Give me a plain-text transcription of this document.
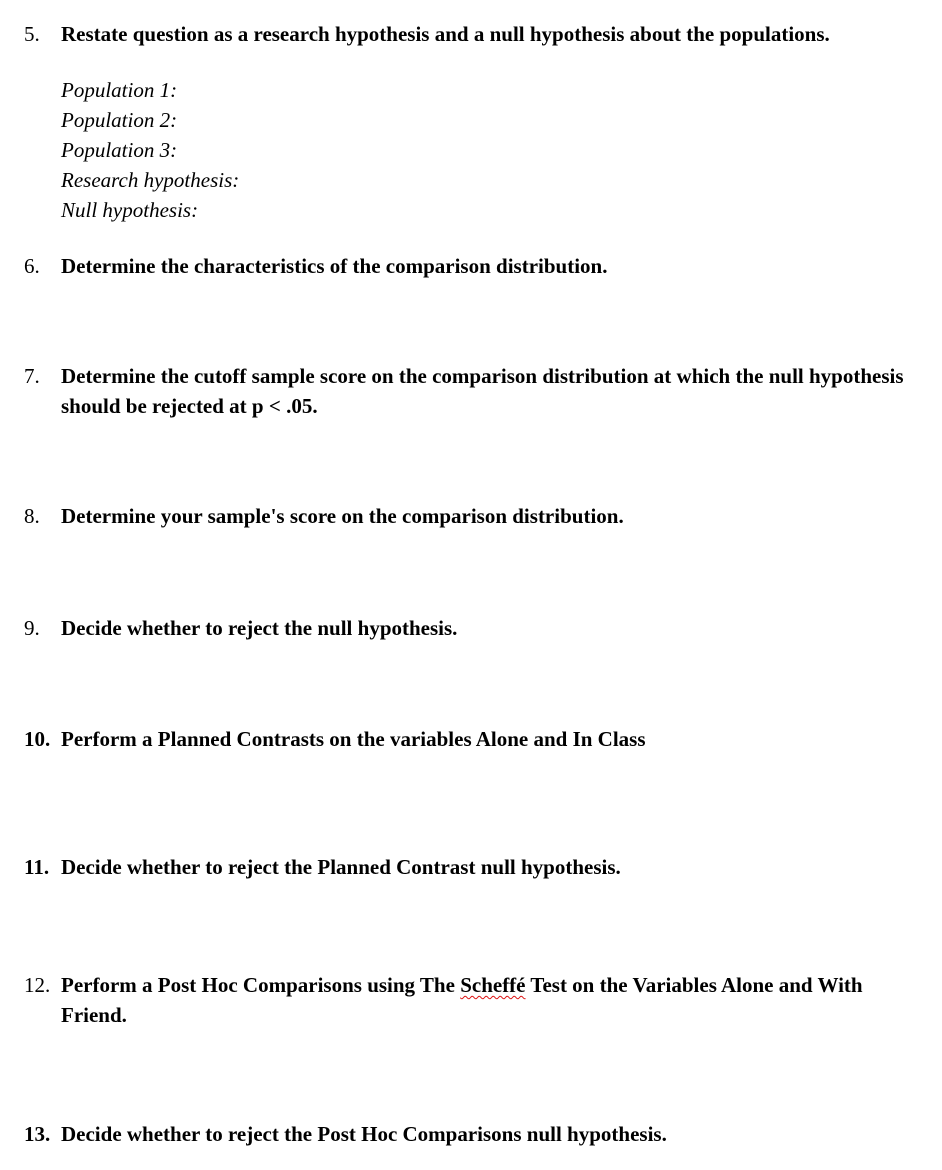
5. Restate question as a research hypothesis and a null hypothesis about the populations.
Population 1:
Population 2:
Population 3:
Research hypothesis:
Null hypothesis:
6. Determine the characteristics of the comparison distribution.
7. Determine the cutoff sample score on the comparison distribution at which the null hypothesis should be rejected at p < .05.
8. Determine your sample's score on the comparison distribution.
9. Decide whether to reject the null hypothesis.
10. Perform a Planned Contrasts on the variables Alone and In Class
11. Decide whether to reject the Planned Contrast null hypothesis.
12. Perform a Post Hoc Comparisons using The Scheffé Test on the Variables Alone and With Friend.
13. Decide whether to reject the Post Hoc Comparisons null hypothesis.
